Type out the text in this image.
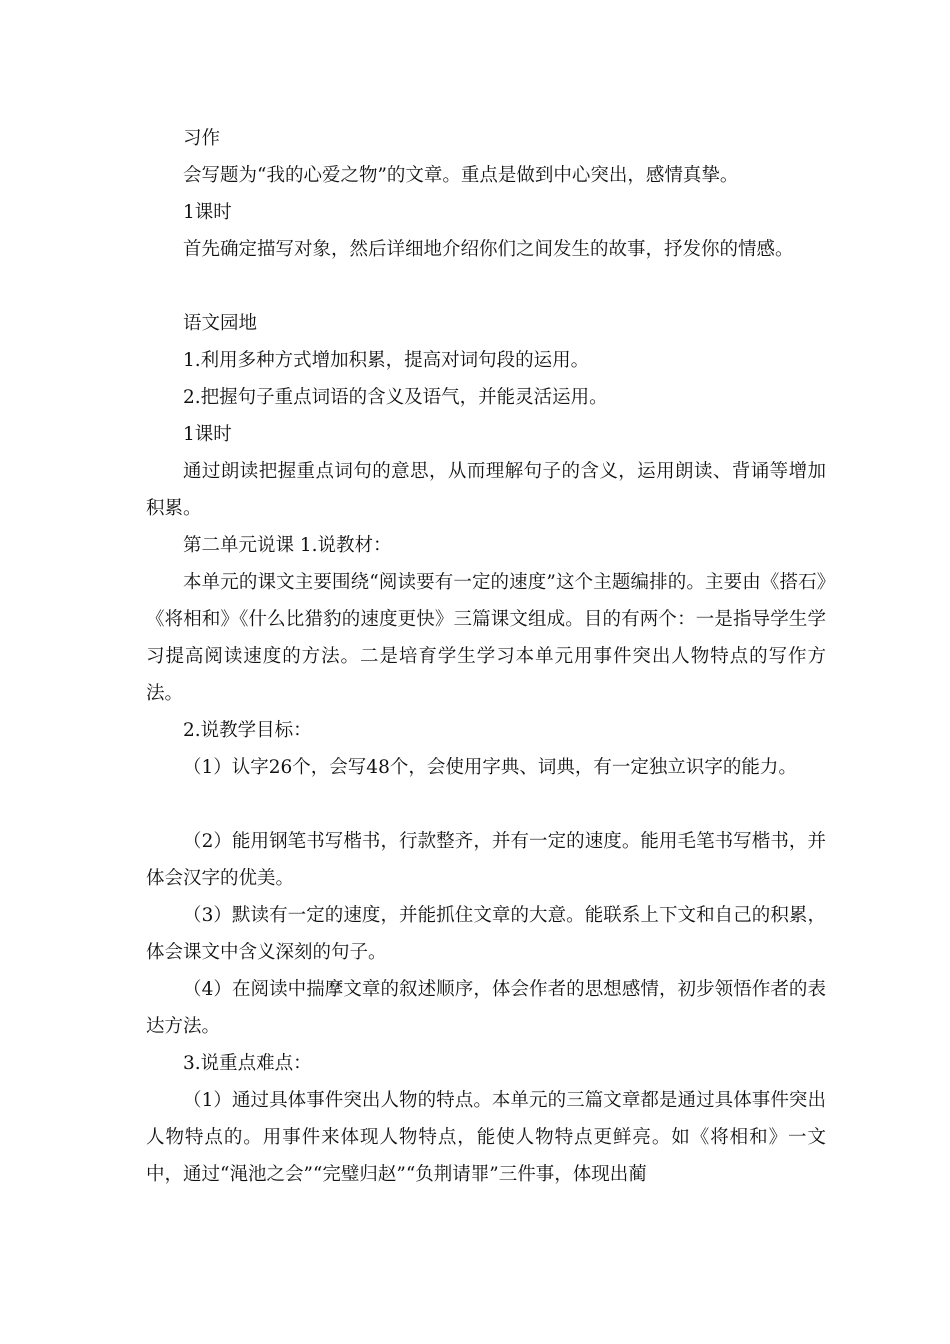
习作

会写题为“我的心爱之物”的文章。重点是做到中心突出，感情真挚。

1课时

首先确定描写对象，然后详细地介绍你们之间发生的故事，抒发你的情感。

语文园地

1.利用多种方式增加积累，提高对词句段的运用。

2.把握句子重点词语的含义及语气，并能灵活运用。

1课时

通过朗读把握重点词句的意思，从而理解句子的含义，运用朗读、背诵等增加积累。

第二单元说课 1.说教材：

本单元的课文主要围绕“阅读要有一定的速度”这个主题编排的。主要由《搭石》《将相和》《什么比猎豹的速度更快》三篇课文组成。目的有两个：一是指导学生学习提高阅读速度的方法。二是培育学生学习本单元用事件突出人物特点的写作方法。

2.说教学目标：

（1）认字26个，会写48个，会使用字典、词典，有一定独立识字的能力。

（2）能用钢笔书写楷书，行款整齐，并有一定的速度。能用毛笔书写楷书，并体会汉字的优美。

（3）默读有一定的速度，并能抓住文章的大意。能联系上下文和自己的积累，体会课文中含义深刻的句子。

（4）在阅读中揣摩文章的叙述顺序，体会作者的思想感情，初步领悟作者的表达方法。

3.说重点难点：

（1）通过具体事件突出人物的特点。本单元的三篇文章都是通过具体事件突出人物特点的。用事件来体现人物特点，能使人物特点更鲜亮。如《将相和》一文中，通过“渑池之会”“完璧归赵”“负荆请罪”三件事，体现出蔺
